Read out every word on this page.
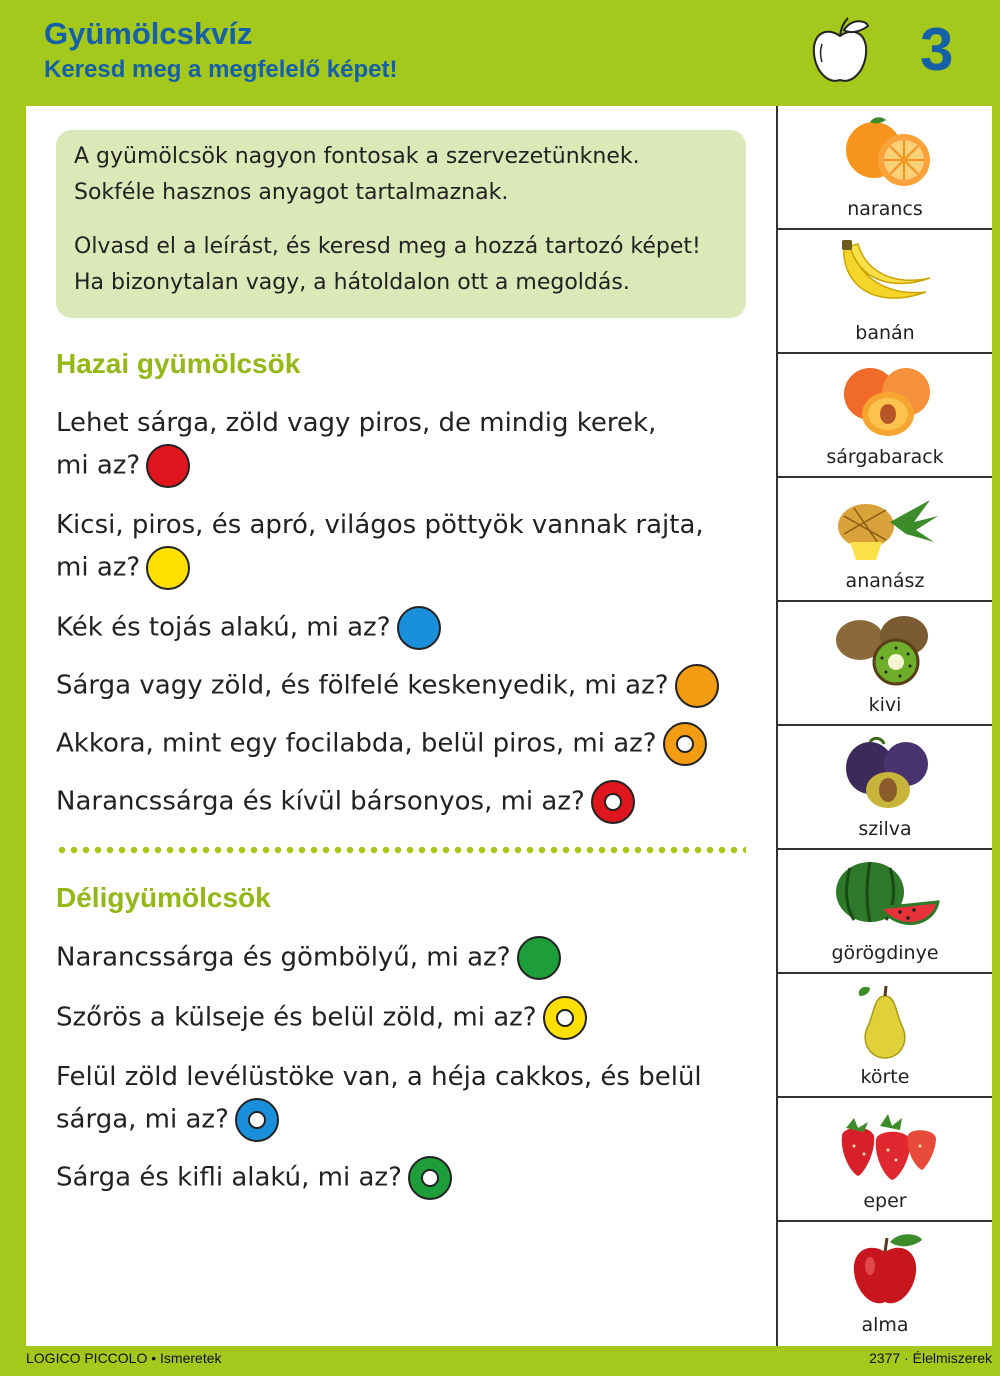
Gyümölcskvíz
Keresd meg a megfelelő képet!	3
A gyümölcsök nagyon fontosak a szervezetünknek.
Sokféle hasznos anyagot tartalmaznak.
Olvasd el a leírást, és keresd meg a hozzá tartozó képet!
Ha bizonytalan vagy, a hátoldalon ott a megoldás.
Hazai gyümölcsök
Lehet sárga, zöld vagy piros, de mindig kerek,
mi az?
Kicsi, piros, és apró, világos pöttyök vannak rajta,
mi az?
Kék és tojás alakú, mi az?
Sárga vagy zöld, és fölfelé keskenyedik, mi az?
Akkora, mint egy focilabda, belül piros, mi az?
Narancssárga és kívül bársonyos, mi az?
Déligyümölcsök
Narancssárga és gömbölyű, mi az?
Szőrös a külseje és belül zöld, mi az?
Felül zöld levélüstöke van, a héja cakkos, és belül
sárga, mi az?
Sárga és kifli alakú, mi az?
narancs
banán
sárgabarack
ananász
kivi
szilva
görögdinye
körte
eper
alma
LOGICO PICCOLO • Ismeretek	2377 · Élelmiszerek
